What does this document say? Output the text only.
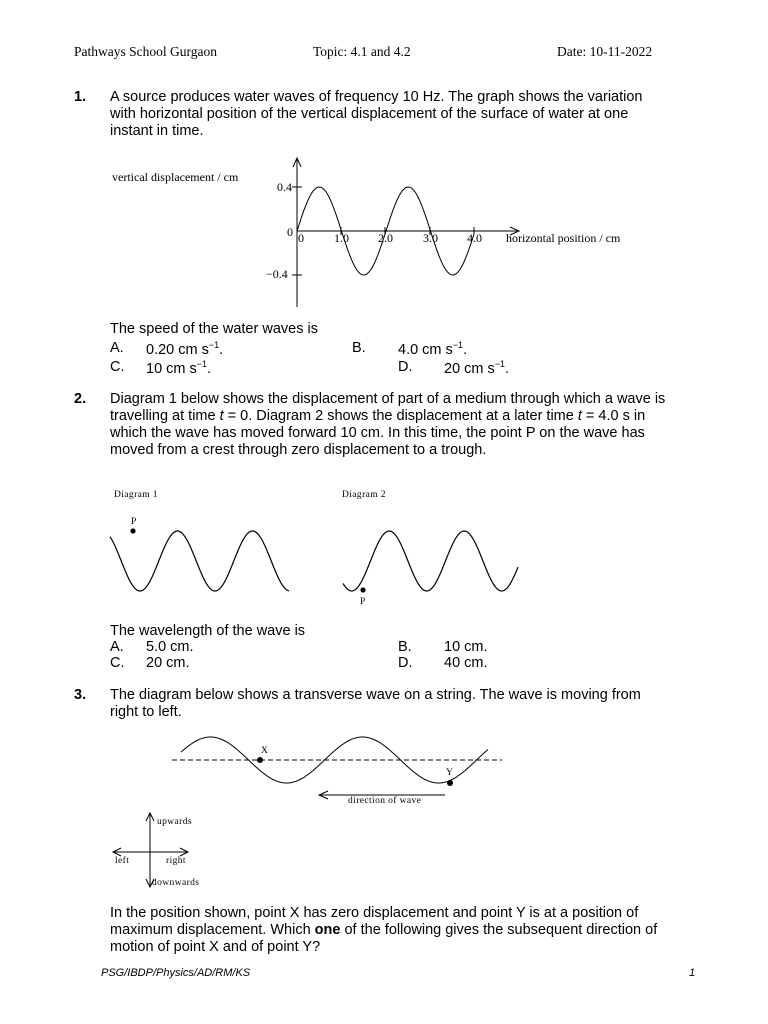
Pathways School Gurgaon	Topic: 4.1 and 4.2	Date: 10-11-2022
1. A source produces water waves of frequency 10 Hz. The graph shows the variation with horizontal position of the vertical displacement of the surface of water at one instant in time.
vertical displacement / cm
0.4
0
−0.4
0	1.0 2.0	3.0 4.0 horizontal position / cm
The speed of the water waves is
A. 0.20 cm $s^{-1}$.	B. 4.0 cm $s^{-1}$.
C. 10 cm $s^{-1}$.	D. 20 cm $s^{-1}$.
2. Diagram 1 below shows the displacement of part of a medium through which a wave is travelling at time t = 0. Diagram 2 shows the displacement at a later time t = 4.0 s in which the wave has moved forward 10 cm. In this time, the point P on the wave has moved from a crest through zero displacement to a trough.
Diagram 1	Diagram 2
P
P
The wavelength of the wave is
A. 5.0 cm.	B. 10 cm.
C. 20 cm.	D. 40 cm.
3. The diagram below shows a transverse wave on a string. The wave is moving from right to left.
X
Y
direction of wave
upwards
left	right
downwards
In the position shown, point X has zero displacement and point Y is at a position of maximum displacement. Which one of the following gives the subsequent direction of motion of point X and of point Y?
PSG/IBDP/Physics/AD/RM/KS	1
